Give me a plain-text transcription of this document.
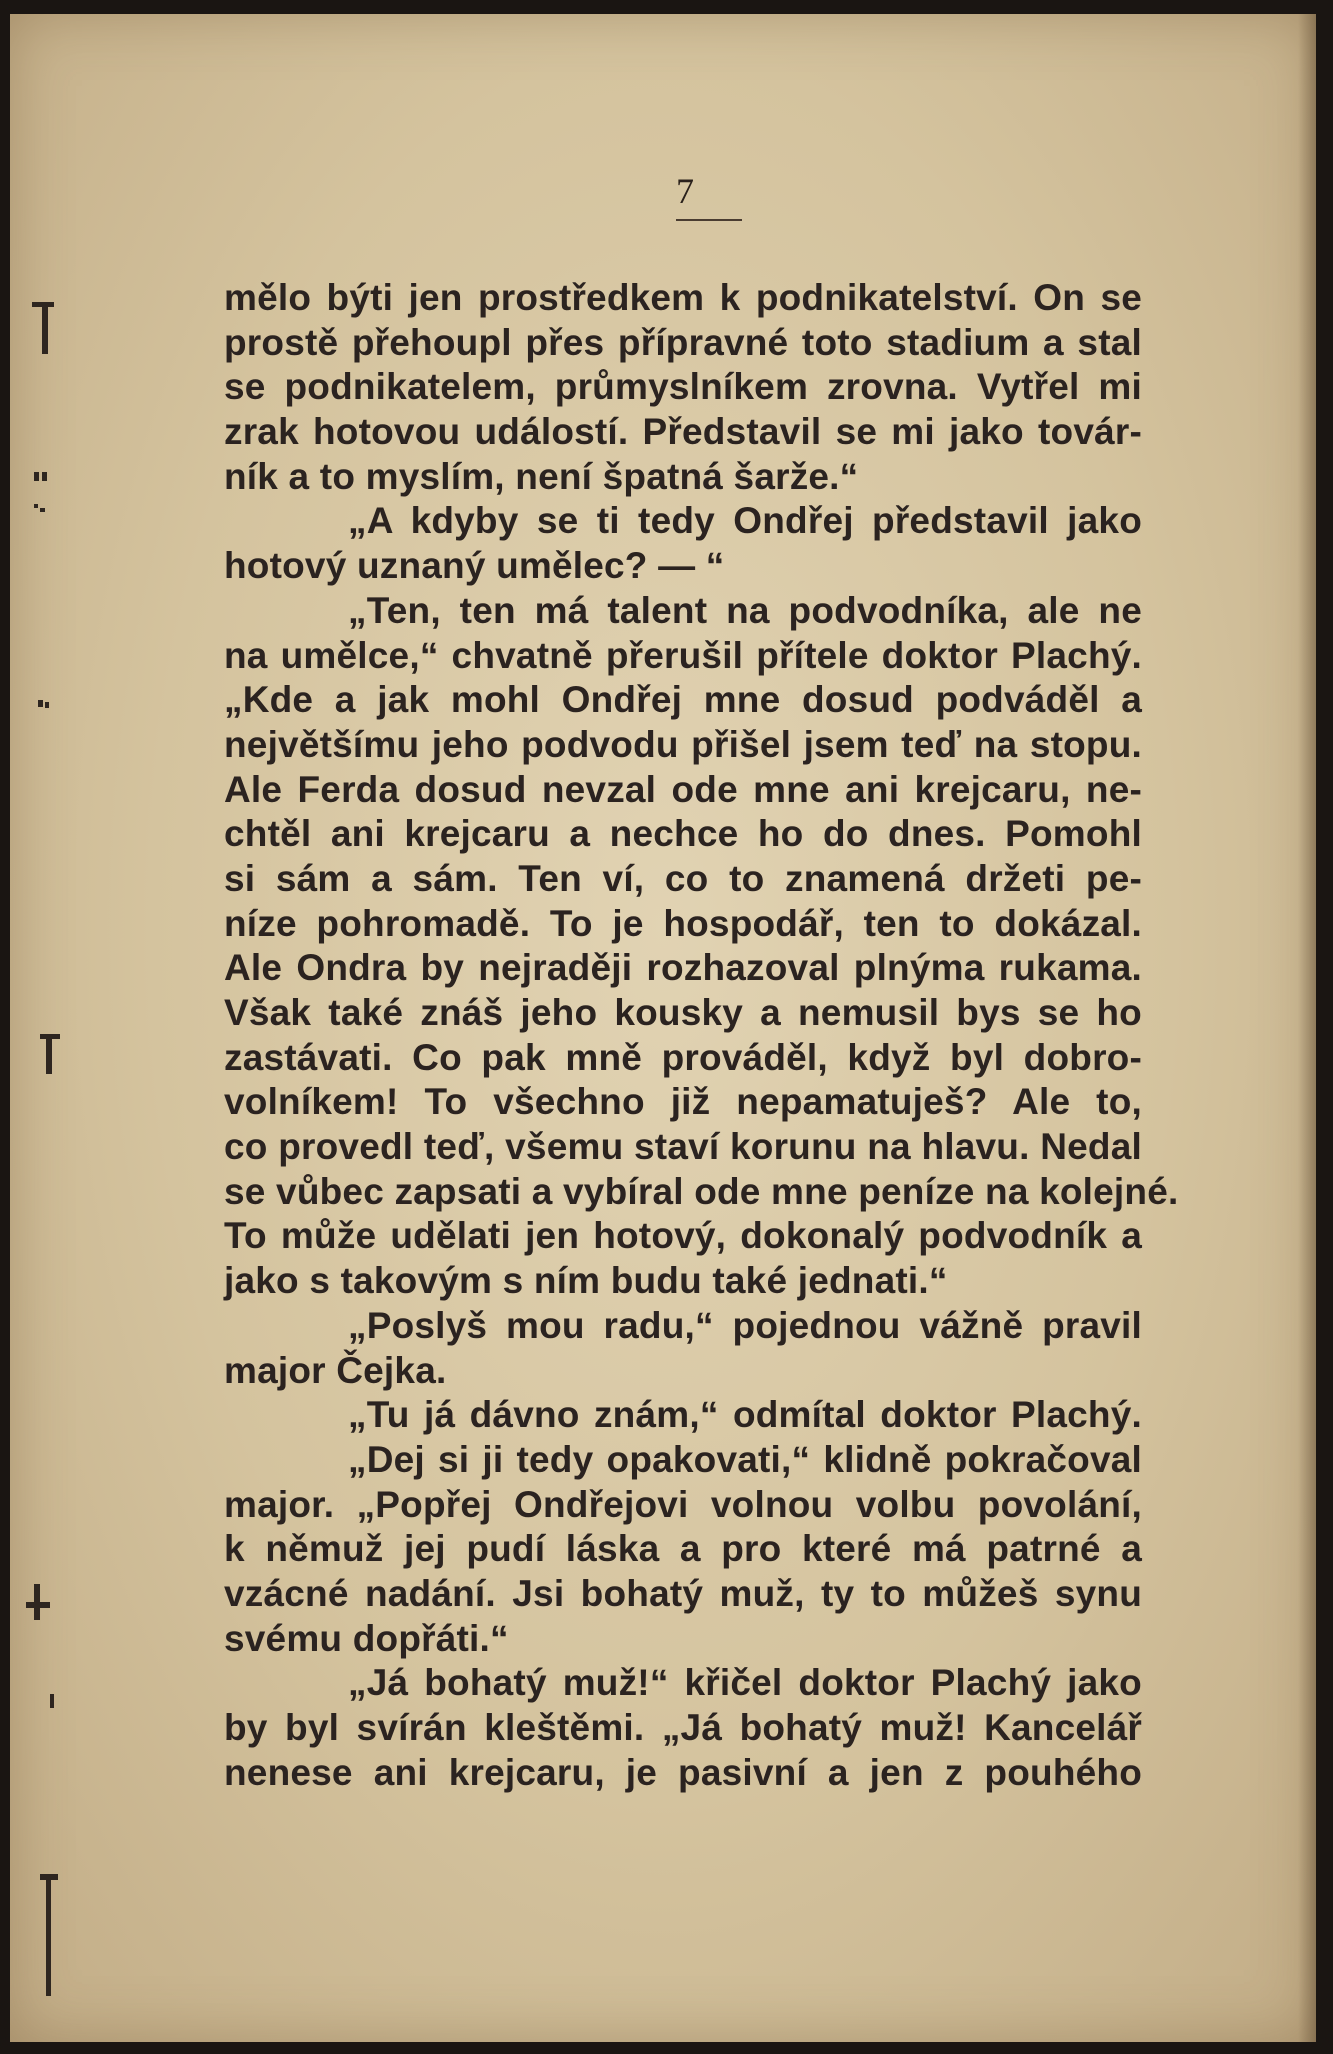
7
mělo býti jen prostředkem k podnikatelství. On se
prostě přehoupl přes přípravné toto stadium a stal
se podnikatelem, průmyslníkem zrovna. Vytřel mi
zrak hotovou událostí. Představil se mi jako továr-
ník a to myslím, není špatná šarže.“
„A kdyby se ti tedy Ondřej představil jako
hotový uznaný umělec? — “
„Ten, ten má talent na podvodníka, ale ne
na umělce,“ chvatně přerušil přítele doktor Plachý.
„Kde a jak mohl Ondřej mne dosud podváděl a
největšímu jeho podvodu přišel jsem teď na stopu.
Ale Ferda dosud nevzal ode mne ani krejcaru, ne-
chtěl ani krejcaru a nechce ho do dnes. Pomohl
si sám a sám. Ten ví, co to znamená držeti pe-
níze pohromadě. To je hospodář, ten to dokázal.
Ale Ondra by nejraději rozhazoval plnýma rukama.
Však také znáš jeho kousky a nemusil bys se ho
zastávati. Co pak mně prováděl, když byl dobro-
volníkem! To všechno již nepamatuješ? Ale to,
co provedl teď, všemu staví korunu na hlavu. Nedal
se vůbec zapsati a vybíral ode mne peníze na kolejné.
To může udělati jen hotový, dokonalý podvodník a
jako s takovým s ním budu také jednati.“
„Poslyš mou radu,“ pojednou vážně pravil
major Čejka.
„Tu já dávno znám,“ odmítal doktor Plachý.
„Dej si ji tedy opakovati,“ klidně pokračoval
major. „Popřej Ondřejovi volnou volbu povolání,
k němuž jej pudí láska a pro které má patrné a
vzácné nadání. Jsi bohatý muž, ty to můžeš synu
svému dopřáti.“
„Já bohatý muž!“ křičel doktor Plachý jako
by byl svírán kleštěmi. „Já bohatý muž! Kancelář
nenese ani krejcaru, je pasivní a jen z pouhého
